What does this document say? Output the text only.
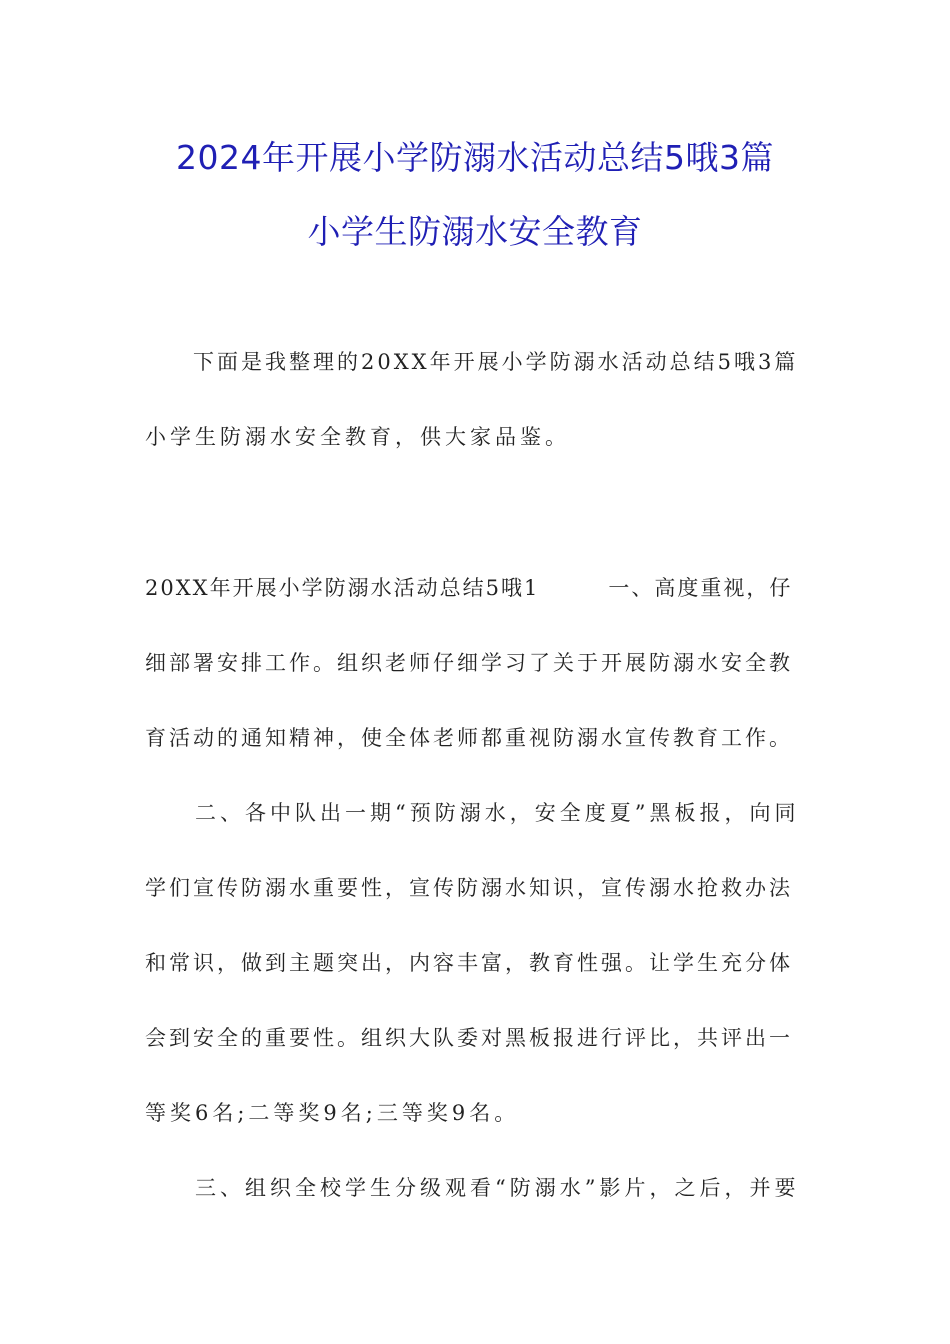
2024年开展小学防溺水活动总结5哦3篇
小学生防溺水安全教育
　　下面是我整理的20XX年开展小学防溺水活动总结5哦3篇
小学生防溺水安全教育，供大家品鉴。
20XX年开展小学防溺水活动总结5哦1　　　一、高度重视，仔
细部署安排工作。组织老师仔细学习了关于开展防溺水安全教
育活动的通知精神，使全体老师都重视防溺水宣传教育工作。
　　二、各中队出一期“预防溺水，安全度夏”黑板报，向同
学们宣传防溺水重要性，宣传防溺水知识，宣传溺水抢救办法
和常识，做到主题突出，内容丰富，教育性强。让学生充分体
会到安全的重要性。组织大队委对黑板报进行评比，共评出一
等奖6名;二等奖9名;三等奖9名。
　　三、组织全校学生分级观看“防溺水”影片，之后，并要
